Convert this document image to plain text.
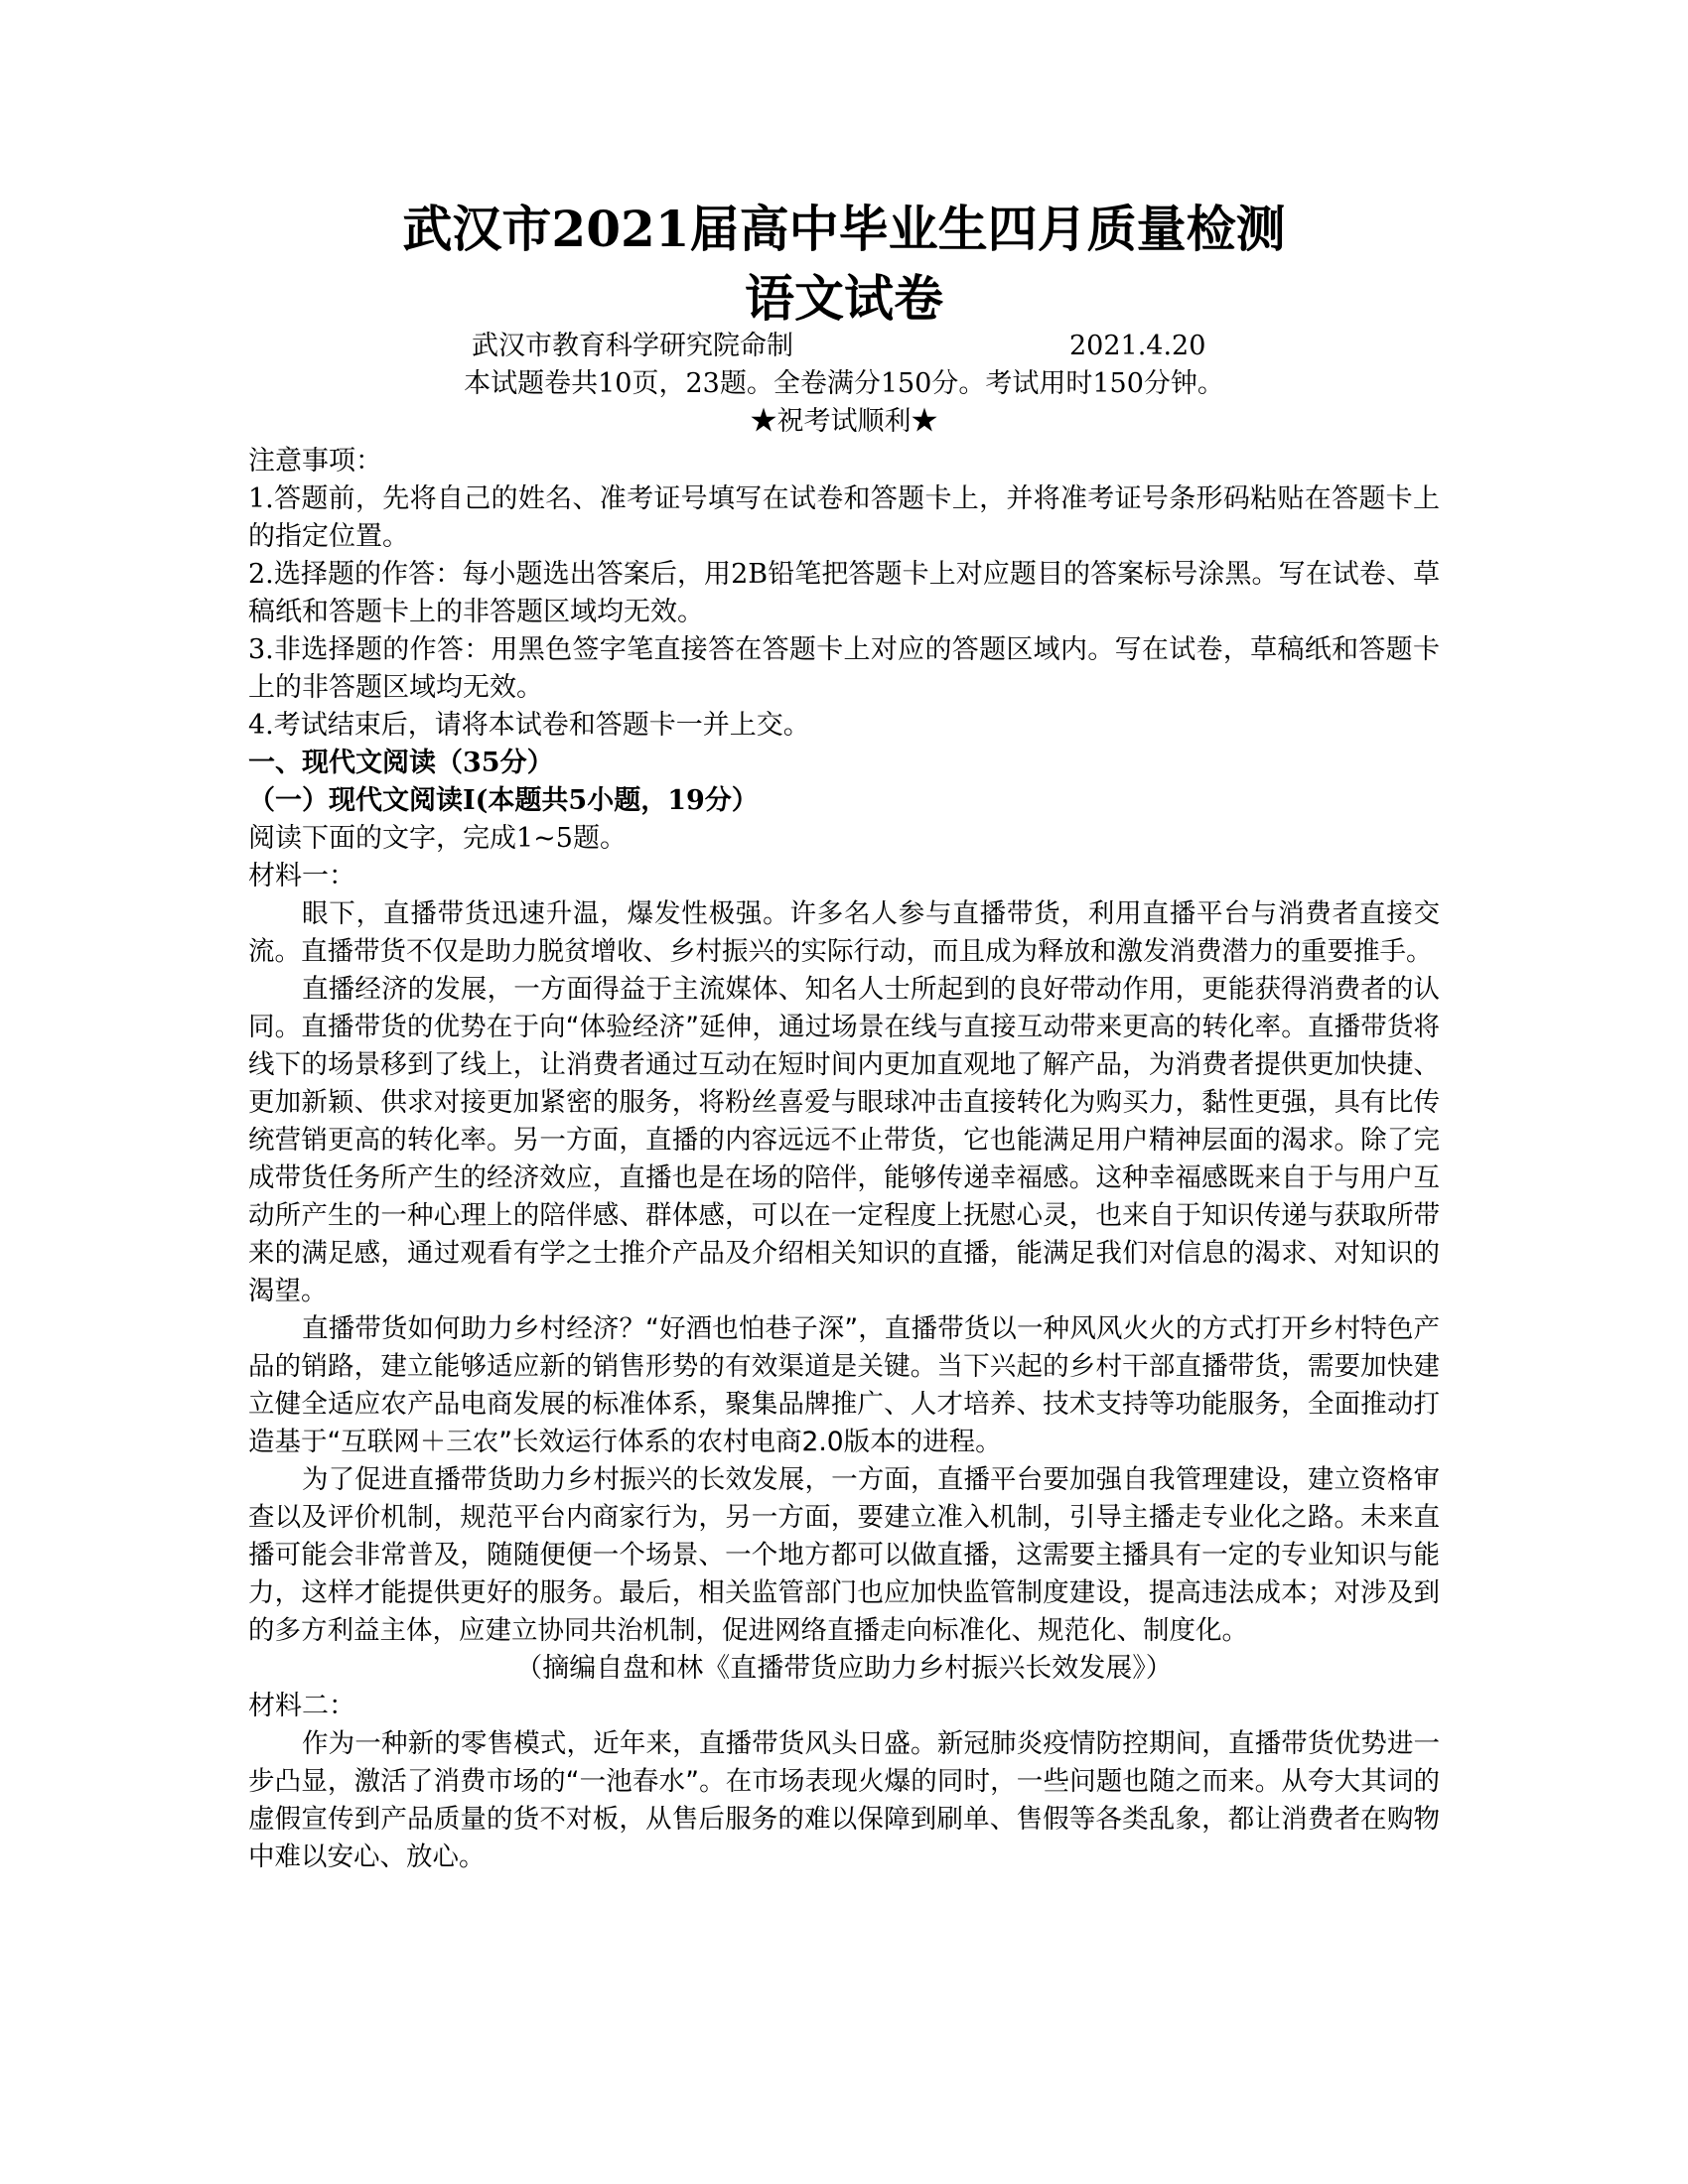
武汉市2021届高中毕业生四月质量检测
语文试卷
武汉市教育科学研究院命制	2021.4.20
本试题卷共10页，23题。全卷满分150分。考试用时150分钟。
★祝考试顺利★

注意事项：

1.答题前，先将自己的姓名、准考证号填写在试卷和答题卡上，并将准考证号条形码粘贴在答题卡上的指定位置。

2.选择题的作答：每小题选出答案后，用2B铅笔把答题卡上对应题目的答案标号涂黑。写在试卷、草稿纸和答题卡上的非答题区域均无效。

3.非选择题的作答：用黑色签字笔直接答在答题卡上对应的答题区域内。写在试卷，草稿纸和答题卡上的非答题区域均无效。

4.考试结束后，请将本试卷和答题卡一并上交。

一、现代文阅读（35分）

（一）现代文阅读I(本题共5小题，19分）

阅读下面的文字，完成1~5题。

材料一：

眼下，直播带货迅速升温，爆发性极强。许多名人参与直播带货，利用直播平台与消费者直接交流。直播带货不仅是助力脱贫增收、乡村振兴的实际行动，而且成为释放和激发消费潜力的重要推手。

直播经济的发展，一方面得益于主流媒体、知名人士所起到的良好带动作用，更能获得消费者的认同。直播带货的优势在于向“体验经济”延伸，通过场景在线与直接互动带来更高的转化率。直播带货将线下的场景移到了线上，让消费者通过互动在短时间内更加直观地了解产品，为消费者提供更加快捷、更加新颖、供求对接更加紧密的服务，将粉丝喜爱与眼球冲击直接转化为购买力，黏性更强，具有比传统营销更高的转化率。另一方面，直播的内容远远不止带货，它也能满足用户精神层面的渴求。除了完成带货任务所产生的经济效应，直播也是在场的陪伴，能够传递幸福感。这种幸福感既来自于与用户互动所产生的一种心理上的陪伴感、群体感，可以在一定程度上抚慰心灵，也来自于知识传递与获取所带来的满足感，通过观看有学之士推介产品及介绍相关知识的直播，能满足我们对信息的渴求、对知识的渴望。

直播带货如何助力乡村经济？“好酒也怕巷子深”，直播带货以一种风风火火的方式打开乡村特色产品的销路，建立能够适应新的销售形势的有效渠道是关键。当下兴起的乡村干部直播带货，需要加快建立健全适应农产品电商发展的标准体系，聚集品牌推广、人才培养、技术支持等功能服务，全面推动打造基于“互联网＋三农”长效运行体系的农村电商2.0版本的进程。

为了促进直播带货助力乡村振兴的长效发展，一方面，直播平台要加强自我管理建设，建立资格审查以及评价机制，规范平台内商家行为，另一方面，要建立准入机制，引导主播走专业化之路。未来直播可能会非常普及，随随便便一个场景、一个地方都可以做直播，这需要主播具有一定的专业知识与能力，这样才能提供更好的服务。最后，相关监管部门也应加快监管制度建设，提高违法成本；对涉及到的多方利益主体，应建立协同共治机制，促进网络直播走向标准化、规范化、制度化。

（摘编自盘和林《直播带货应助力乡村振兴长效发展》）

材料二：

作为一种新的零售模式，近年来，直播带货风头日盛。新冠肺炎疫情防控期间，直播带货优势进一步凸显，激活了消费市场的“一池春水”。在市场表现火爆的同时，一些问题也随之而来。从夸大其词的虚假宣传到产品质量的货不对板，从售后服务的难以保障到刷单、售假等各类乱象，都让消费者在购物中难以安心、放心。
